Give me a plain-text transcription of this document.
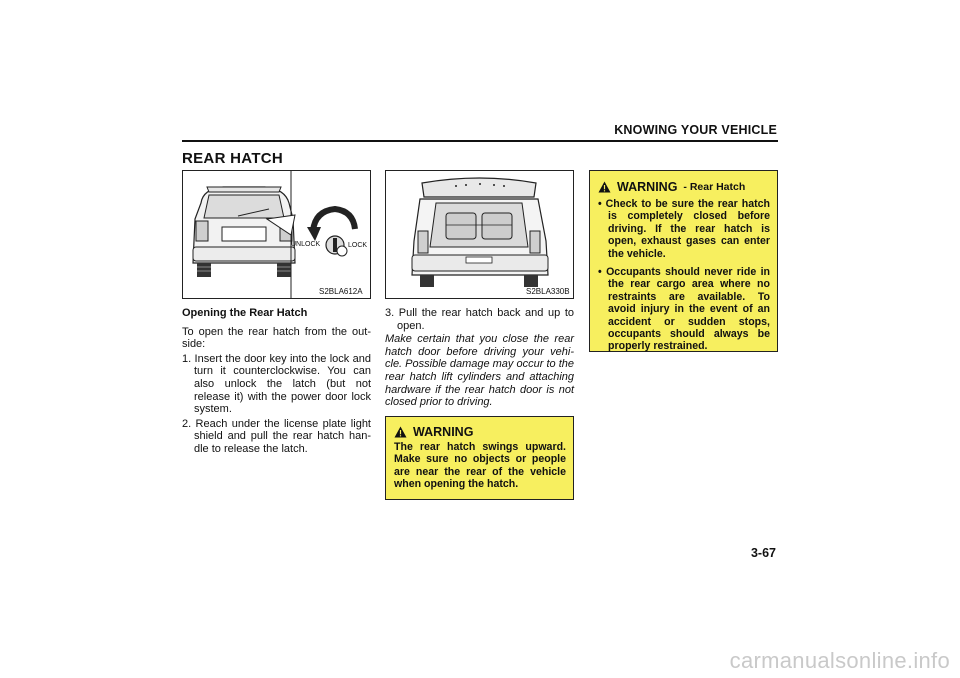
KNOWING YOUR VEHICLE
REAR HATCH
UNLOCK	LOCK
S2BLA612A	S2BLA330B
Opening the Rear Hatch
To open the rear hatch from the out-side:
1. Insert the door key into the lock and turn it counterclockwise. You can also unlock the latch (but not release it) with the power door lock system.
2. Reach under the license plate light shield and pull the rear hatch han-dle to release the latch.
3. Pull the rear hatch back and up to open.
Make certain that you close the rear hatch door before driving your vehi-cle. Possible damage may occur to the rear hatch lift cylinders and attaching hardware if the rear hatch door is not closed prior to driving.
WARNING
The rear hatch swings upward. Make sure no objects or people are near the rear of the vehicle when opening the hatch.
WARNING - Rear Hatch
• Check to be sure the rear hatch is completely closed before driving. If the rear hatch is open, exhaust gases can enter the vehicle.
• Occupants should never ride in the rear cargo area where no restraints are available. To avoid injury in the event of an accident or sudden stops, occupants should always be properly restrained.
3-67
carmanualsonline.info
